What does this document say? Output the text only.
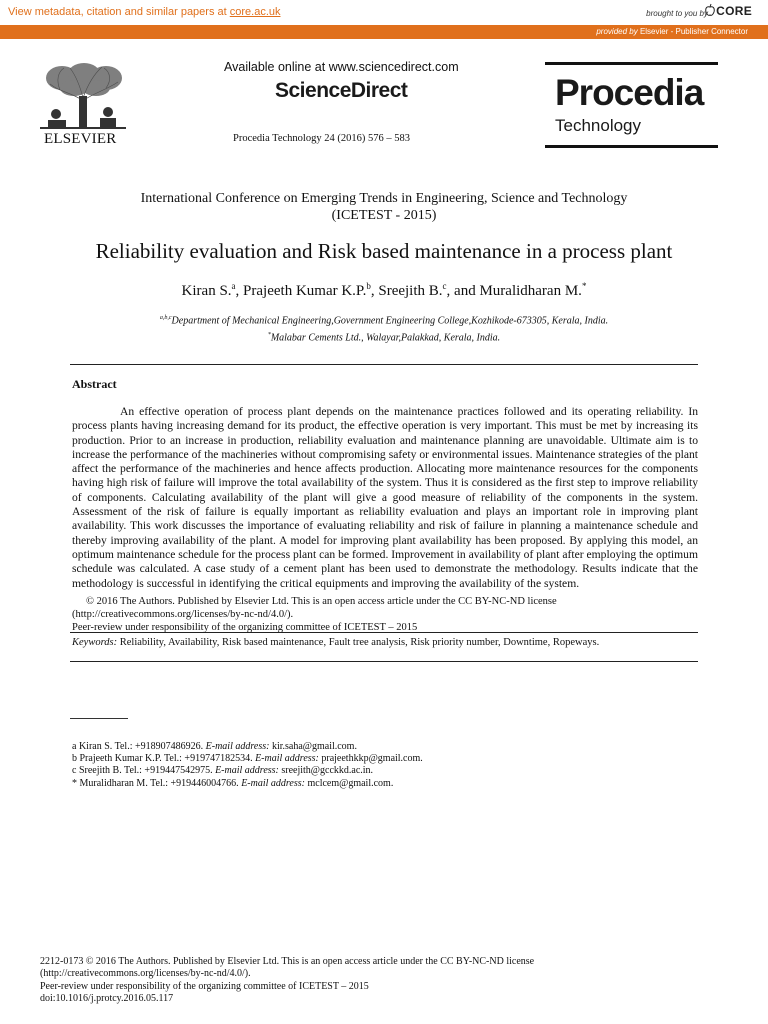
View metadata, citation and similar papers at core.ac.uk	brought to you by CORE
provided by Elsevier - Publisher Connector
ELSEVIER
Available online at www.sciencedirect.com
ScienceDirect
Procedia Technology 24 (2016) 576 – 583
Procedia
Technology
International Conference on Emerging Trends in Engineering, Science and Technology
(ICETEST - 2015)
Reliability evaluation and Risk based maintenance in a process plant
Kiran S.$^a$, Prajeeth Kumar K.P.$^b$, Sreejith B.$^c$, and Muralidharan M.*
$^{a,b,c}$Department of Mechanical Engineering,Government Engineering College,Kozhikode-673305, Kerala, India.
*Malabar Cements Ltd., Walayar,Palakkad, Kerala, India.
Abstract

An effective operation of process plant depends on the maintenance practices followed and its operating reliability. In process plants having increasing demand for its product, the effective operation is very important. This must be met by increasing its production. Prior to an increase in production, reliability evaluation and maintenance planning are unavoidable. Ultimate aim is to increase the performance of the machineries without compromising safety or environmental issues. Maintenance strategies of the plant affect the performance of the machineries and hence affects production. Allocating more maintenance resources for the components having high risk of failure will improve the total availability of the system. Thus it is considered as the first step to improve reliability of components. Calculating availability of the plant will give a good measure of reliability of the components in the system. Assessment of the risk of failure is equally important as reliability evaluation and plays an important role in improving plant availability. This work discusses the importance of evaluating reliability and risk of failure in planning a maintenance schedule and thereby improving availability of the plant. A model for improving plant availability has been proposed. By applying this model, an optimum maintenance schedule for the process plant can be formed. Improvement in availability of plant after employing the optimum schedule was calculated. A case study of a cement plant has been used to demonstrate the methodology. Results indicate that the methodology is successful in identifying the critical equipments and improving the availability of the system.

© 2016 The Authors. Published by Elsevier Ltd. This is an open access article under the CC BY-NC-ND license
(http://creativecommons.org/licenses/by-nc-nd/4.0/).
Peer-review under responsibility of the organizing committee of ICETEST – 2015
Keywords: Reliability, Availability, Risk based maintenance, Fault tree analysis, Risk priority number, Downtime, Ropeways.
a Kiran S. Tel.: +918907486926. E-mail address: kir.saha@gmail.com.
b Prajeeth Kumar K.P. Tel.: +919747182534. E-mail address: prajeethkkp@gmail.com.
c Sreejith B. Tel.: +919447542975. E-mail address: sreejith@gcckkd.ac.in.
* Muralidharan M. Tel.: +919446004766. E-mail address: mclcem@gmail.com.
2212-0173 © 2016 The Authors. Published by Elsevier Ltd. This is an open access article under the CC BY-NC-ND license
(http://creativecommons.org/licenses/by-nc-nd/4.0/).
Peer-review under responsibility of the organizing committee of ICETEST – 2015
doi:10.1016/j.protcy.2016.05.117
